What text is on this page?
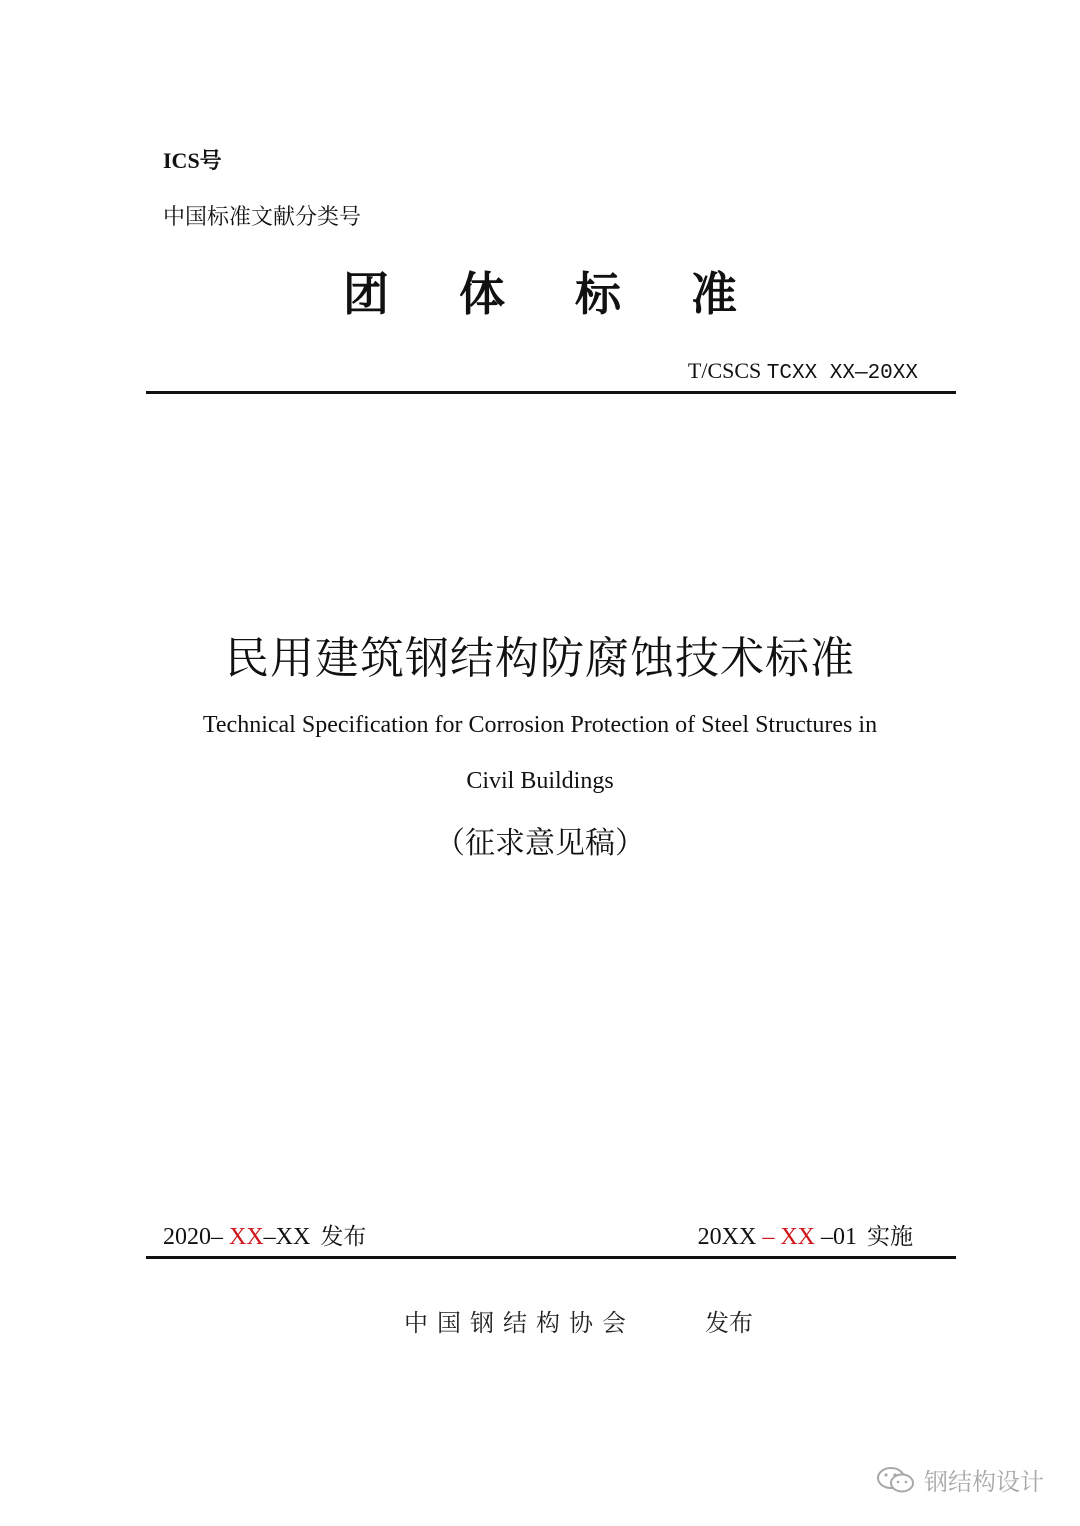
ICS号
中国标准文献分类号
团体标准
T/CSCS TCXX XX—20XX
民用建筑钢结构防腐蚀技术标准
Technical Specification for Corrosion Protection of Steel Structures in
Civil Buildings
（征求意见稿）
2020– XX–XX 发布	20XX – XX –01 实施
中国钢结构协会	发布
钢结构设计
